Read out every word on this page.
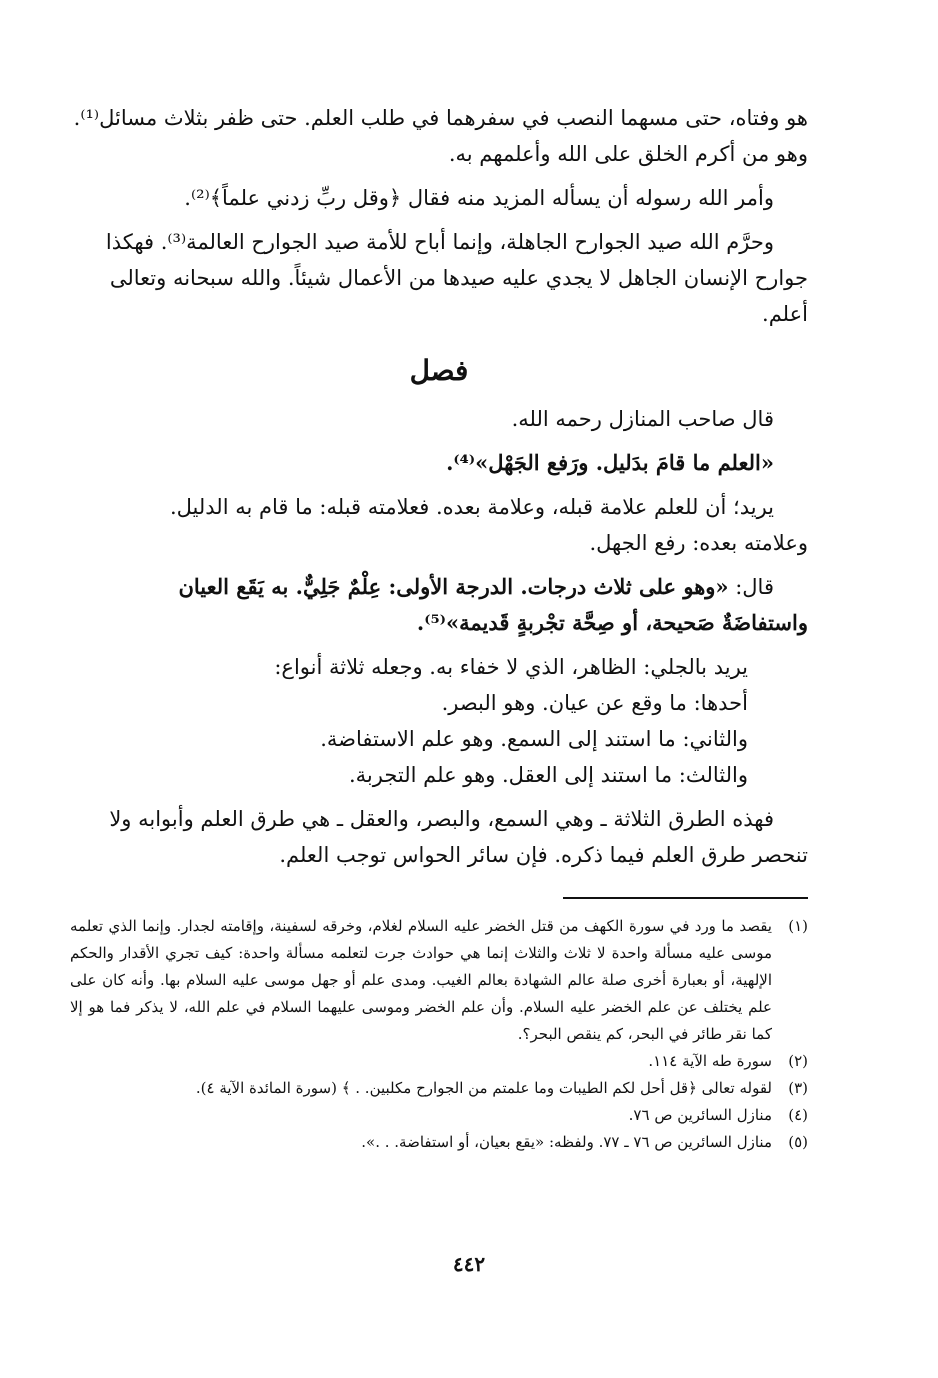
هو وفتاه، حتى مسهما النصب في سفرهما في طلب العلم. حتى ظفر بثلاث مسائل⁽¹⁾.
وهو من أكرم الخلق على الله وأعلمهم به.

وأمر الله رسوله أن يسأله المزيد منه فقال ﴿وقل ربِّ زدني علماً﴾⁽²⁾.

وحرَّم الله صيد الجوارح الجاهلة، وإنما أباح للأمة صيد الجوارح العالمة⁽³⁾. فهكذا
جوارح الإنسان الجاهل لا يجدي عليه صيدها من الأعمال شيئاً. والله سبحانه وتعالى
أعلم.

فصل

قال صاحب المنازل رحمه الله.

«العلم ما قامَ بدَليل. ورَفع الجَهْل»⁽⁴⁾.

يريد؛ أن للعلم علامة قبله، وعلامة بعده. فعلامته قبله: ما قام به الدليل.
وعلامته بعده: رفع الجهل.

قال: «وهو على ثلاث درجات. الدرجة الأولى: عِلْمٌ جَلِيٌّ. به يَقَع العيان
واستفاضَةٌ صَحيحة، أو صِحَّة تجْربةٍ قَديمة»⁽⁵⁾.

يريد بالجلي: الظاهر، الذي لا خفاء به. وجعله ثلاثة أنواع:
أحدها: ما وقع عن عيان. وهو البصر.
والثاني: ما استند إلى السمع. وهو علم الاستفاضة.
والثالث: ما استند إلى العقل. وهو علم التجربة.

فهذه الطرق الثلاثة ـ وهي السمع، والبصر، والعقل ـ هي طرق العلم وأبوابه ولا
تنحصر طرق العلم فيما ذكره. فإن سائر الحواس توجب العلم.

(١)
يقصد ما ورد في سورة الكهف من قتل الخضر عليه السلام لغلام، وخرقه لسفينة، وإقامته لجدار. وإنما الذي تعلمه موسى عليه مسألة واحدة لا ثلاث والثلاث إنما هي حوادث جرت لتعلمه مسألة واحدة: كيف تجري الأقدار والحكم الإلهية، أو بعبارة أخرى صلة عالم الشهادة بعالم الغيب. ومدى علم أو جهل موسى عليه السلام بها. وأنه كان على علم يختلف عن علم الخضر عليه السلام. وأن علم الخضر وموسى عليهما السلام في علم الله، لا يذكر فما هو إلا كما نقر طائر في البحر، كم ينقص البحر؟.
(٢)
سورة طه الآية ١١٤.
(٣)
لقوله تعالى ﴿قل أحل لكم الطيبات وما علمتم من الجوارح مكلبين. . ﴾ (سورة المائدة الآية ٤).
(٤)
منازل السائرين ص ٧٦.
(٥)
منازل السائرين ص ٧٦ ـ ٧٧. ولفظه: «يقع بعيان، أو استفاضة. . .».
٤٤٢
